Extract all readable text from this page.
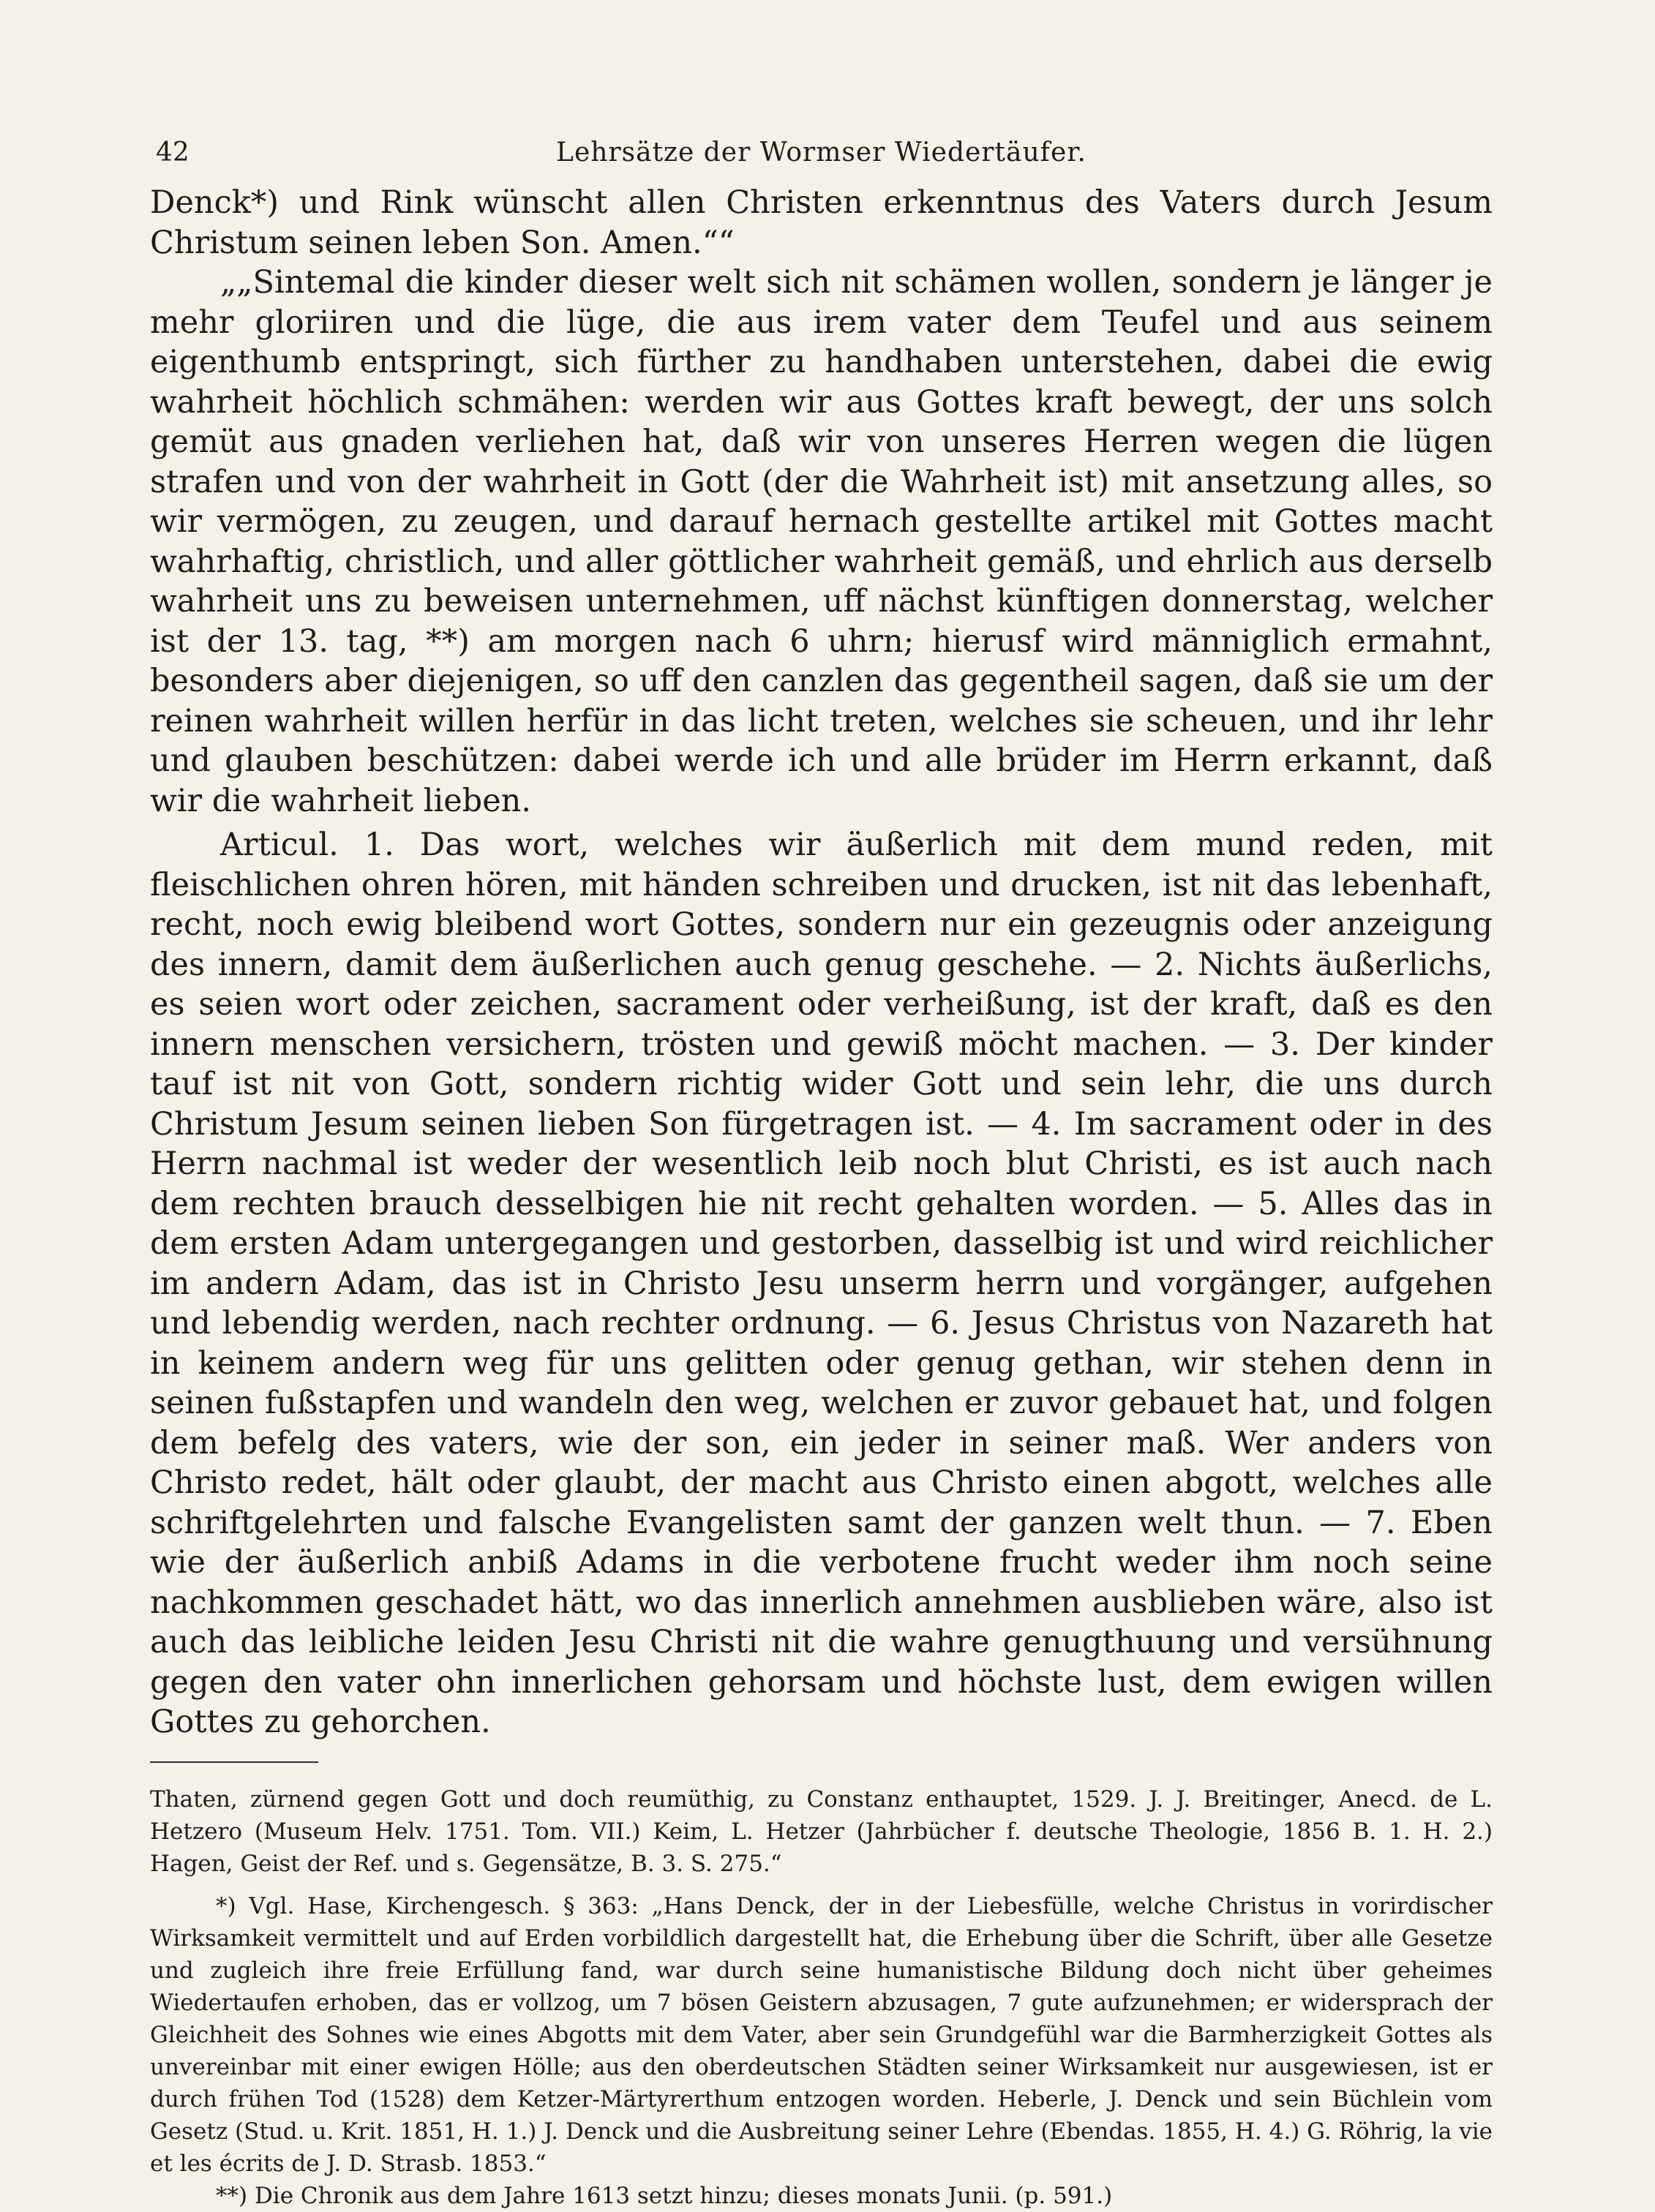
42	Lehrsätze der Wormser Wiedertäufer.

Denck*) und Rink wünscht allen Christen erkenntnus des Vaters durch Jesum Christum seinen leben Son. Amen.““

„„Sintemal die kinder dieser welt sich nit schämen wollen, sondern je länger je mehr gloriiren und die lüge, die aus irem vater dem Teufel und aus seinem eigenthumb entspringt, sich fürther zu handhaben unterstehen, dabei die ewig wahrheit höchlich schmähen: werden wir aus Gottes kraft bewegt, der uns solch gemüt aus gnaden verliehen hat, daß wir von unseres Herren wegen die lügen strafen und von der wahrheit in Gott (der die Wahrheit ist) mit ansetzung alles, so wir vermögen, zu zeugen, und darauf hernach gestellte artikel mit Gottes macht wahrhaftig, christlich, und aller göttlicher wahrheit gemäß, und ehrlich aus derselb wahrheit uns zu beweisen unternehmen, uff nächst künftigen donnerstag, welcher ist der 13. tag, **) am morgen nach 6 uhrn; hierusf wird männiglich ermahnt, besonders aber diejenigen, so uff den canzlen das gegentheil sagen, daß sie um der reinen wahrheit willen herfür in das licht treten, welches sie scheuen, und ihr lehr und glauben beschützen: dabei werde ich und alle brüder im Herrn erkannt, daß wir die wahrheit lieben.

Articul. 1. Das wort, welches wir äußerlich mit dem mund reden, mit fleischlichen ohren hören, mit händen schreiben und drucken, ist nit das lebenhaft, recht, noch ewig bleibend wort Gottes, sondern nur ein gezeugnis oder anzeigung des innern, damit dem äußerlichen auch genug geschehe. — 2. Nichts äußerlichs, es seien wort oder zeichen, sacrament oder verheißung, ist der kraft, daß es den innern menschen versichern, trösten und gewiß möcht machen. — 3. Der kinder tauf ist nit von Gott, sondern richtig wider Gott und sein lehr, die uns durch Christum Jesum seinen lieben Son fürgetragen ist. — 4. Im sacrament oder in des Herrn nachmal ist weder der wesentlich leib noch blut Christi, es ist auch nach dem rechten brauch desselbigen hie nit recht gehalten worden. — 5. Alles das in dem ersten Adam untergegangen und gestorben, dasselbig ist und wird reichlicher im andern Adam, das ist in Christo Jesu unserm herrn und vorgänger, aufgehen und lebendig werden, nach rechter ordnung. — 6. Jesus Christus von Nazareth hat in keinem andern weg für uns gelitten oder genug gethan, wir stehen denn in seinen fußstapfen und wandeln den weg, welchen er zuvor gebauet hat, und folgen dem befelg des vaters, wie der son, ein jeder in seiner maß. Wer anders von Christo redet, hält oder glaubt, der macht aus Christo einen abgott, welches alle schriftgelehrten und falsche Evangelisten samt der ganzen welt thun. — 7. Eben wie der äußerlich anbiß Adams in die verbotene frucht weder ihm noch seine nachkommen geschadet hätt, wo das innerlich annehmen ausblieben wäre, also ist auch das leibliche leiden Jesu Christi nit die wahre genugthuung und versühnung gegen den vater ohn innerlichen gehorsam und höchste lust, dem ewigen willen Gottes zu gehorchen.

Thaten, zürnend gegen Gott und doch reumüthig, zu Constanz enthauptet, 1529. J. J. Breitinger, Anecd. de L. Hetzero (Museum Helv. 1751. Tom. VII.) Keim, L. Hetzer (Jahrbücher f. deutsche Theologie, 1856 B. 1. H. 2.) Hagen, Geist der Ref. und s. Gegensätze, B. 3. S. 275.“

*) Vgl. Hase, Kirchengesch. § 363: „Hans Denck, der in der Liebesfülle, welche Christus in vorirdischer Wirksamkeit vermittelt und auf Erden vorbildlich dargestellt hat, die Erhebung über die Schrift, über alle Gesetze und zugleich ihre freie Erfüllung fand, war durch seine humanistische Bildung doch nicht über geheimes Wiedertaufen erhoben, das er vollzog, um 7 bösen Geistern abzusagen, 7 gute aufzunehmen; er widersprach der Gleichheit des Sohnes wie eines Abgotts mit dem Vater, aber sein Grundgefühl war die Barmherzigkeit Gottes als unvereinbar mit einer ewigen Hölle; aus den oberdeutschen Städten seiner Wirksamkeit nur ausgewiesen, ist er durch frühen Tod (1528) dem Ketzer-Märtyrerthum entzogen worden. Heberle, J. Denck und sein Büchlein vom Gesetz (Stud. u. Krit. 1851, H. 1.) J. Denck und die Ausbreitung seiner Lehre (Ebendas. 1855, H. 4.) G. Röhrig, la vie et les écrits de J. D. Strasb. 1853.“

**) Die Chronik aus dem Jahre 1613 setzt hinzu; dieses monats Junii. (p. 591.)
